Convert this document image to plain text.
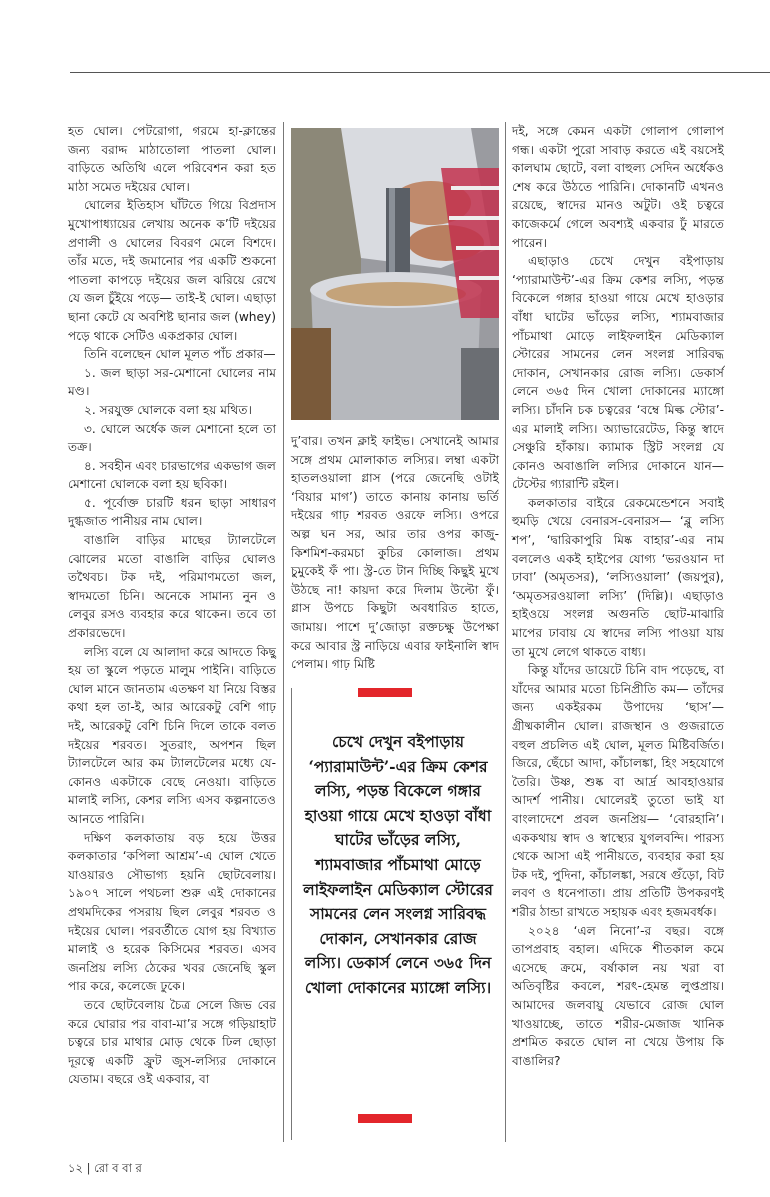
হত ঘোল। পেটরোগা, গরমে হা-ক্লান্তের জন্য বরাদ্দ মাঠাতোলা পাতলা ঘোল। বাড়িতে অতিথি এলে পরিবেশন করা হত মাঠা সমেত দইয়ের ঘোল।

ঘোলের ইতিহাস ঘাঁটতে গিয়ে বিপ্রদাস মুখোপাধ্যায়ের লেখায় অনেক ক’টি দইয়ের প্রণালী ও ঘোলের বিবরণ মেলে বিশদে। তাঁর মতে, দই জমানোর পর একটি শুকনো পাতলা কাপড়ে দইয়ের জল ঝরিয়ে রেখে যে জল চুঁইয়ে পড়ে— তাই-ই ঘোল। এছাড়া ছানা কেটে যে অবশিষ্ট ছানার জল (whey) পড়ে থাকে সেটিও একপ্রকার ঘোল।

তিনি বলেছেন ঘোল মূলত পাঁচ প্রকার—

১. জল ছাড়া সর-মেশানো ঘোলের নাম মণ্ড।

২. সরযুক্ত ঘোলকে বলা হয় মথিত।

৩. ঘোলে অর্ধেক জল মেশানো হলে তা তক্র।

৪. সবহীন এবং চারভাগের একভাগ জল মেশানো ঘোলকে বলা হয় ছবিকা।

৫. পূর্বোক্ত চারটি ধরন ছাড়া সাধারণ দুগ্ধজাত পানীয়র নাম ঘোল।

বাঙালি বাড়ির মাছের ট্যালটেলে ঝোলের মতো বাঙালি বাড়ির ঘোলও তথৈবচ। টক দই, পরিমাণমতো জল, স্বাদমতো চিনি। অনেকে সামান্য নুন ও লেবুর রসও ব্যবহার করে থাকেন। তবে তা প্রকারভেদে।

লস্যি বলে যে আলাদা করে আদতে কিছু হয় তা স্কুলে পড়তে মালুম পাইনি। বাড়িতে ঘোল মানে জানতাম এতক্ষণ যা নিয়ে বিস্তর কথা হল তা-ই, আর আরেকটু বেশি গাঢ় দই, আরেকটু বেশি চিনি দিলে তাকে বলত দইয়ের শরবত। সুতরাং, অপশন ছিল ট্যালটেলে আর কম ট্যালটেলের মধ্যে যে-কোনও একটাকে বেছে নেওয়া। বাড়িতে মালাই লস্যি, কেশর লস্যি এসব কল্পনাতেও আনতে পারিনি।

দক্ষিণ কলকাতায় বড় হয়ে উত্তর কলকাতার ‘কপিলা আশ্রম’-এ ঘোল খেতে যাওয়ারও সৌভাগ্য হয়নি ছোটবেলায়। ১৯০৭ সালে পথচলা শুরু এই দোকানের প্রথমদিকের পসরায় ছিল লেবুর শরবত ও দইয়ের ঘোল। পরবর্তীতে যোগ হয় বিখ্যাত মালাই ও হরেক কিসিমের শরবত। এসব জনপ্রিয় লস্যি ঠেকের খবর জেনেছি স্কুল পার করে, কলেজে ঢুকে।

তবে ছোটবেলায় চৈত্র সেলে জিভ বের করে ঘোরার পর বাবা-মা’র সঙ্গে গড়িয়াহাট চত্বরে চার মাথার মোড় থেকে ঢিল ছোড়া দূরত্বে একটি ফ্রুট জুস-লস্যির দোকানে যেতাম। বছরে ওই একবার, বা

দু’বার। তখন ক্লাই ফাইভ। সেখানেই আমার সঙ্গে প্রথম মোলাকাত লস্যির। লম্বা একটা হাতলওয়ালা গ্লাস (পরে জেনেছি ওটাই ‘বিয়ার মাগ’) তাতে কানায় কানায় ভর্তি দইয়ের গাঢ় শরবত ওরফে লস্যি। ওপরে অল্প ঘন সর, আর তার ওপর কাজু-কিশমিশ-করমচা কুচির কোলাজ। প্রথম চুমুকেই ফঁ পা। স্ট্র-তে টান দিচ্ছি কিছুই মুখে উঠছে না! কায়দা করে দিলাম উল্টো ফুঁ। গ্লাস উপচে কিছুটা অবধারিত হাতে, জামায়। পাশে দু’জোড়া রক্তচক্ষু উপেক্ষা করে আবার স্ট্র নাড়িয়ে এবার ফাইনালি স্বাদ পেলাম। গাঢ় মিষ্টি

চেখে দেখুন বইপাড়ায় ‘প্যারামাউন্ট’-এর ক্রিম কেশর লস্যি, পড়ন্ত বিকেলে গঙ্গার হাওয়া গায়ে মেখে হাওড়া বাঁধা ঘাটের ভাঁড়ের লস্যি, শ্যামবাজার পাঁচমাথা মোড়ে লাইফলাইন মেডিক্যাল স্টোরের সামনের লেন সংলগ্ন সারিবদ্ধ দোকান, সেখানকার রোজ লস্যি। ডেকার্স লেনে ৩৬৫ দিন খোলা দোকানের ম্যাঙ্গো লস্যি।

দই, সঙ্গে কেমন একটা গোলাপ গোলাপ গন্ধ। একটা পুরো সাবাড় করতে এই বয়সেই কালঘাম ছোটে, বলা বাহুল্য সেদিন অর্ধেকও শেষ করে উঠতে পারিনি। দোকানটি এখনও রয়েছে, স্বাদের মানও অটুট। ওই চত্বরে কাজেকর্মে গেলে অবশ্যই একবার ঢুঁ মারতে পারেন।

এছাড়াও চেখে দেখুন বইপাড়ায় ‘প্যারামাউন্ট’-এর ক্রিম কেশর লস্যি, পড়ন্ত বিকেলে গঙ্গার হাওয়া গায়ে মেখে হাওড়ার বাঁধা ঘাটের ভাঁড়ের লস্যি, শ্যামবাজার পাঁচমাথা মোড়ে লাইফলাইন মেডিক্যাল স্টোরের সামনের লেন সংলগ্ন সারিবদ্ধ দোকান, সেখানকার রোজ লস্যি। ডেকার্স লেনে ৩৬৫ দিন খোলা দোকানের ম্যাঙ্গো লস্যি। চাঁদনি চক চত্বরের ‘বম্বে মিল্ক স্টোর’-এর মালাই লস্যি। অ্যাভারেটেড, কিন্তু স্বাদে সেঞ্চুরি হাঁকায়। ক্যামাক স্ট্রিট সংলগ্ন যে কোনও অবাঙালি লস্যির দোকানে যান— টেস্টের গ্যারান্টি রইল।

কলকাতার বাইরে রেকমেন্ডেশনে সবাই হুমড়ি খেয়ে বেনারস-বেনারস— ‘ব্লু লস্যি শপ’, ‘দ্বারিকাপুরি মিষ্ক বাহার’-এর নাম বললেও একই হাইপের যোগ্য ‘ভরওয়ান দা ঢাবা’ (অমৃতসর), ‘লস্যিওয়ালা’ (জয়পুর), ‘অমৃতসরওয়ালা লস্যি’ (দিল্লি)। এছাড়াও হাইওয়ে সংলগ্ন অগুনতি ছোট-মাঝারি মাপের ঢাবায় যে স্বাদের লস্যি পাওয়া যায় তা মুখে লেগে থাকতে বাধ্য।

কিন্তু যাঁদের ডায়েটে চিনি বাদ পড়েছে, বা যাঁদের আমার মতো চিনিপ্রীতি কম— তাঁদের জন্য একইরকম উপাদেয় ‘ছাস’— গ্রীষ্মকালীন ঘোল। রাজস্থান ও গুজরাতে বহুল প্রচলিত এই ঘোল, মূলত মিষ্টিবর্জিত। জিরে, ছেঁচো আদা, কাঁচালঙ্কা, হিং সহযোগে তৈরি। উষ্ণ, শুষ্ক বা আর্দ্র আবহাওয়ার আদর্শ পানীয়। ঘোলেরই তুতো ভাই যা বাংলাদেশে প্রবল জনপ্রিয়— ‘বোরহানি’। এককথায় স্বাদ ও স্বাস্থ্যের যুগলবন্দি। পারস্য থেকে আসা এই পানীয়তে, ব্যবহার করা হয় টক দই, পুদিনা, কাঁচালঙ্কা, সরষে গুঁড়ো, বিট লবণ ও ধনেপাতা। প্রায় প্রতিটি উপকরণই শরীর ঠান্ডা রাখতে সহায়ক এবং হজমবর্ধক।

২০২৪ ‘এল নিনো’-র বছর। বঙ্গে তাপপ্রবাহ বহাল। এদিকে শীতকাল কমে এসেছে ক্রমে, বর্ষাকাল নয় খরা বা অতিবৃষ্টির কবলে, শরৎ-হেমন্ত লুপ্তপ্রায়। আমাদের জলবায়ু যেভাবে রোজ ঘোল খাওয়াচ্ছে, তাতে শরীর-মেজাজ খানিক প্রশমিত করতে ঘোল না খেয়ে উপায় কি বাঙালির?

১২ | রো ব বা র
